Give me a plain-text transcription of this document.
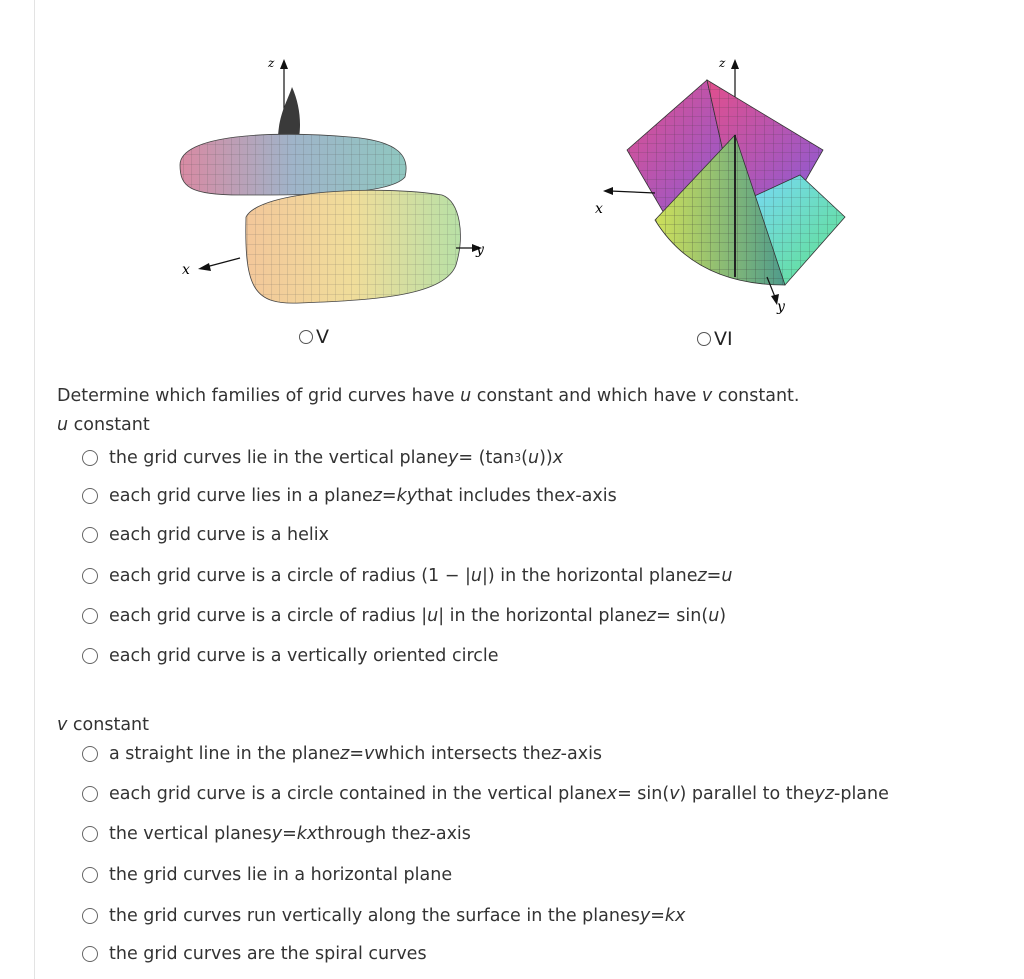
z
x
y
V
z
x
y
VI
Determine which families of grid curves have u constant and which have v constant.
u constant
the grid curves lie in the vertical plane y = (tan 3 ( u )) x
each grid curve lies in a plane z = ky that includes the x -axis
each grid curve is a helix
each grid curve is a circle of radius (1 − | u |) in the horizontal plane z = u
each grid curve is a circle of radius | u | in the horizontal plane z = sin( u )
each grid curve is a vertically oriented circle
v constant
a straight line in the plane z = v which intersects the z -axis
each grid curve is a circle contained in the vertical plane x = sin( v ) parallel to the yz -plane
the vertical planes y = kx through the z -axis
the grid curves lie in a horizontal plane
the grid curves run vertically along the surface in the planes y = kx
the grid curves are the spiral curves
